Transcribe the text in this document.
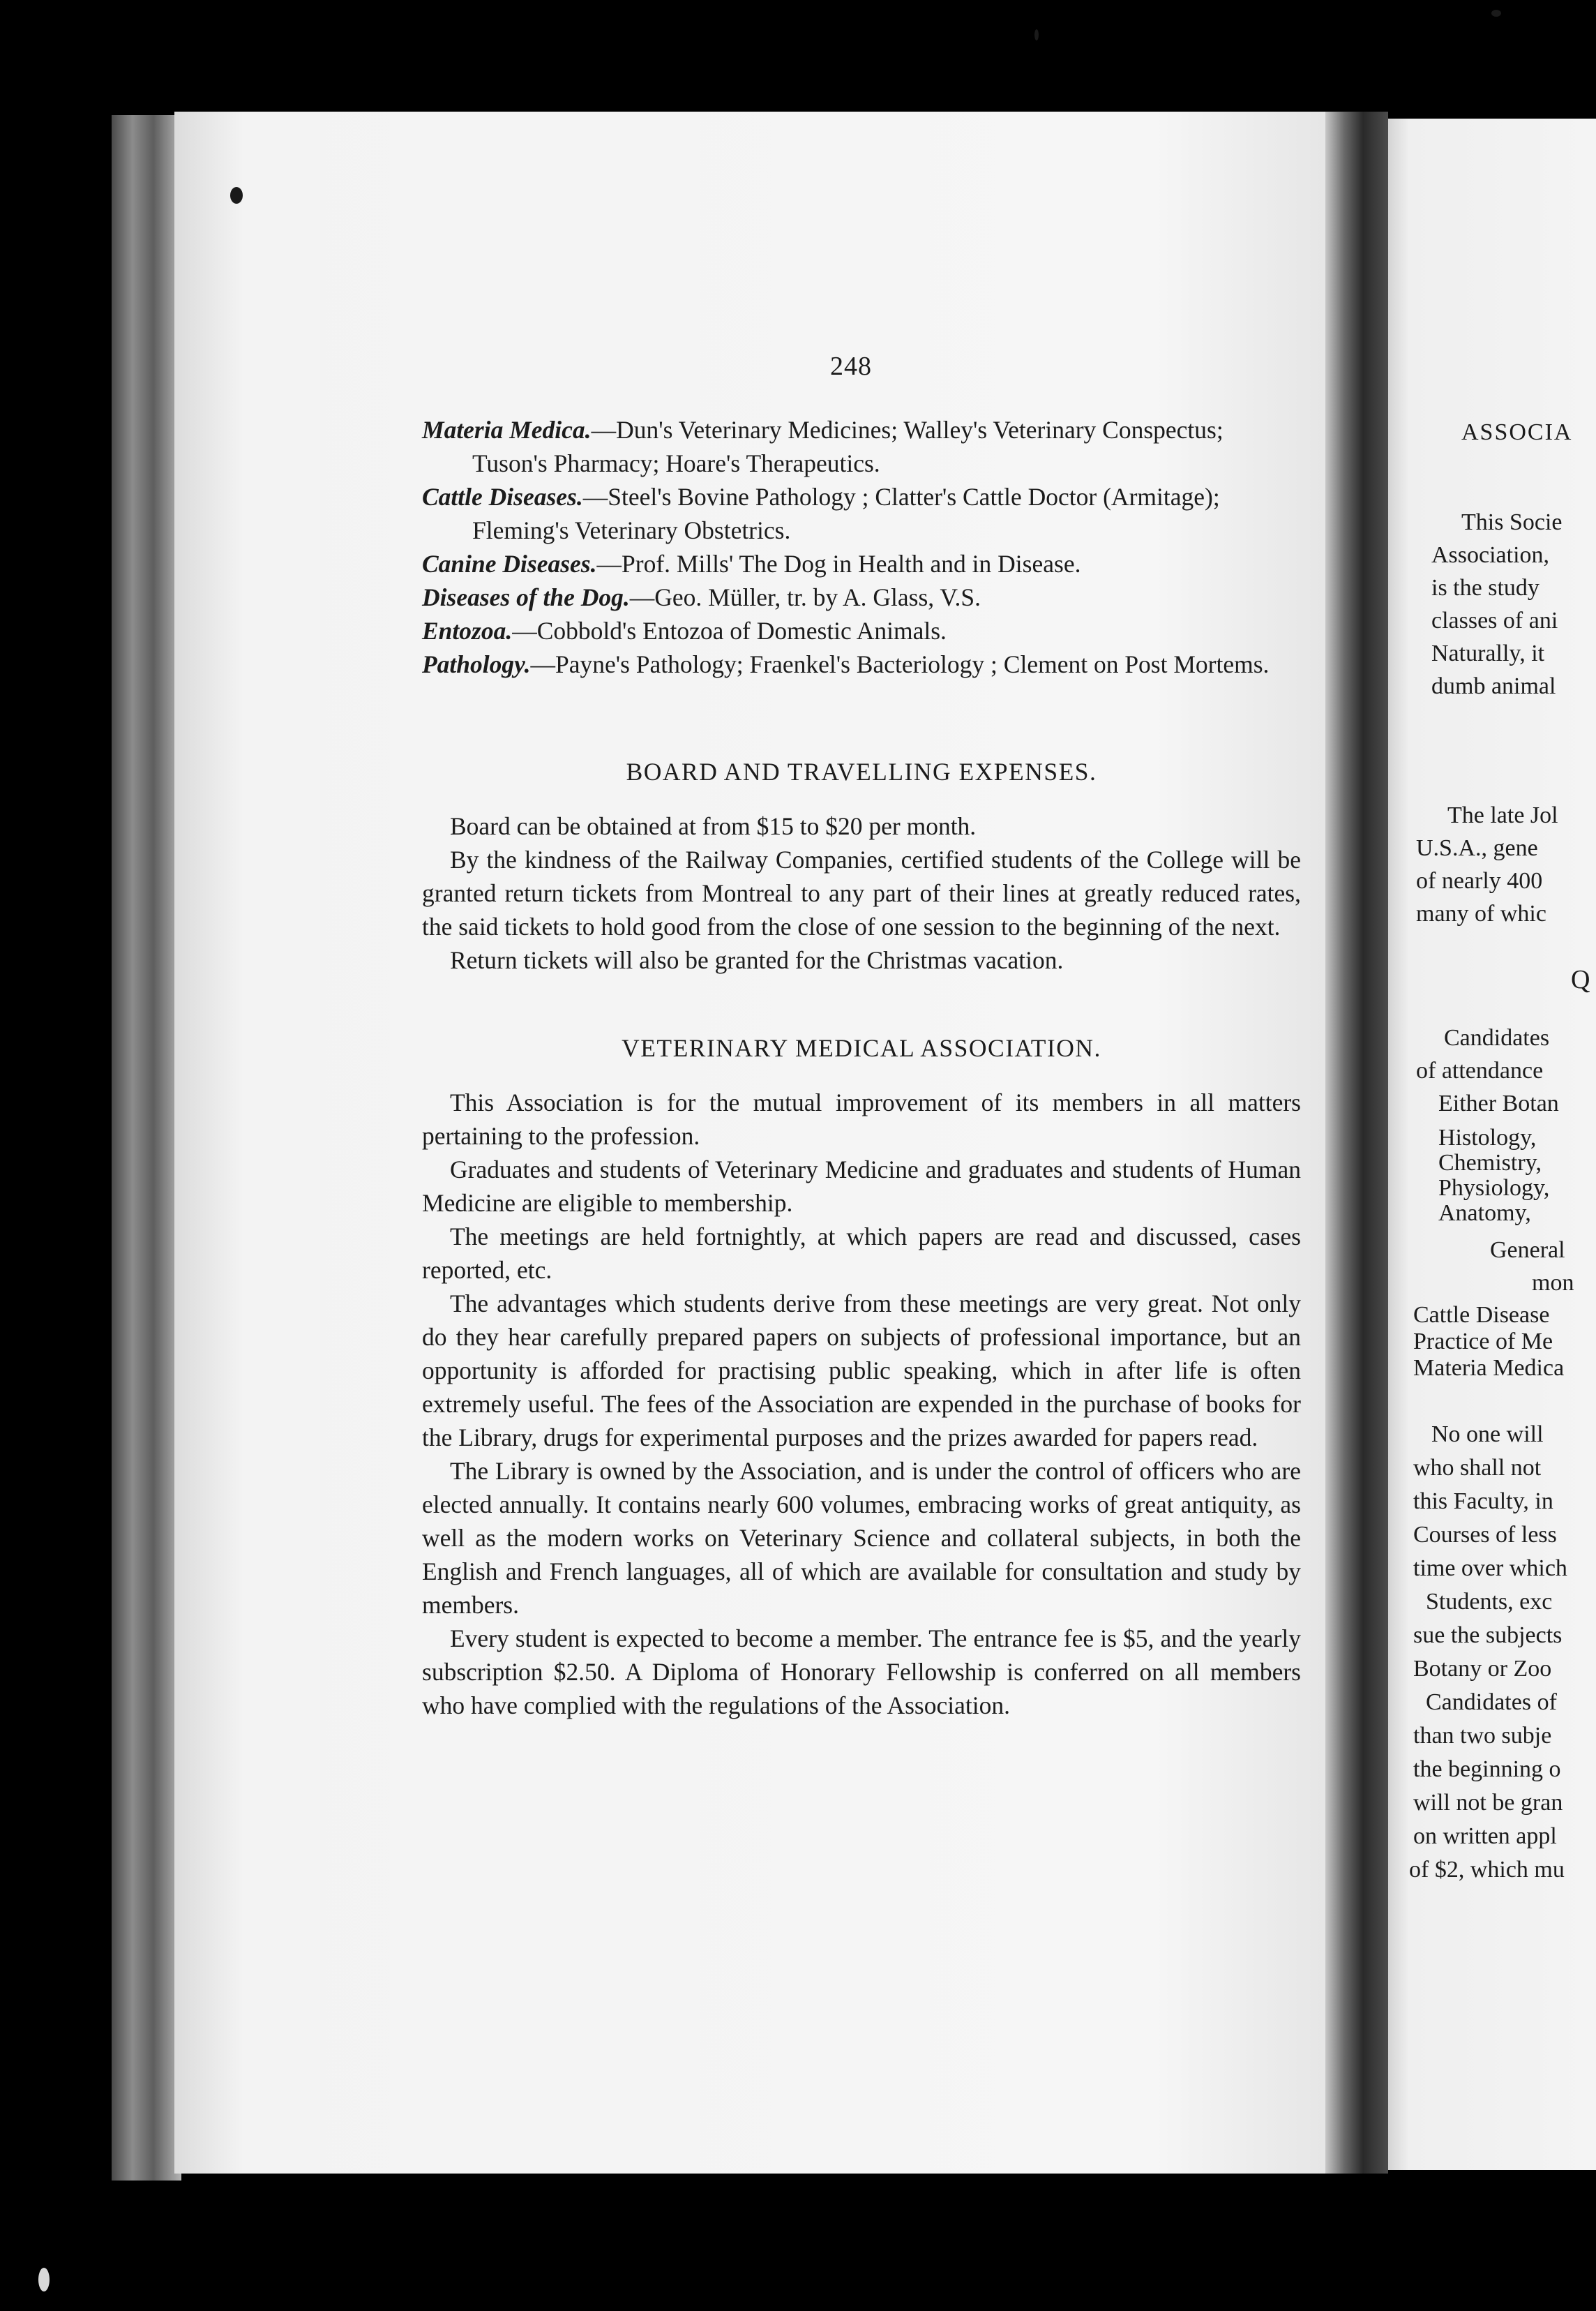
248

Materia Medica.—Dun's Veterinary Medicines; Walley's Veterinary Conspectus; Tuson's Pharmacy; Hoare's Therapeutics.

Cattle Diseases.—Steel's Bovine Pathology ; Clatter's Cattle Doctor (Armitage); Fleming's Veterinary Obstetrics.

Canine Diseases.—Prof. Mills' The Dog in Health and in Disease.

Diseases of the Dog.—Geo. Müller, tr. by A. Glass, V.S.

Entozoa.—Cobbold's Entozoa of Domestic Animals.

Pathology.—Payne's Pathology; Fraenkel's Bacteriology ; Clement on Post Mortems.

BOARD AND TRAVELLING EXPENSES.

Board can be obtained at from $15 to $20 per month.

By the kindness of the Railway Companies, certified students of the College will be granted return tickets from Montreal to any part of their lines at greatly reduced rates, the said tickets to hold good from the close of one session to the beginning of the next.

Return tickets will also be granted for the Christmas vacation.

VETERINARY MEDICAL ASSOCIATION.

This Association is for the mutual improvement of its members in all matters pertaining to the profession.

Graduates and students of Veterinary Medicine and graduates and students of Human Medicine are eligible to membership.

The meetings are held fortnightly, at which papers are read and discussed, cases reported, etc.

The advantages which students derive from these meetings are very great. Not only do they hear carefully prepared papers on subjects of professional importance, but an opportunity is afforded for practising public speaking, which in after life is often extremely useful. The fees of the Association are expended in the purchase of books for the Library, drugs for experimental purposes and the prizes awarded for papers read.

The Library is owned by the Association, and is under the control of officers who are elected annually. It contains nearly 600 volumes, embracing works of great antiquity, as well as the modern works on Veterinary Science and collateral subjects, in both the English and French languages, all of which are available for consultation and study by members.

Every student is expected to become a member. The entrance fee is $5, and the yearly subscription $2.50. A Diploma of Honorary Fellowship is conferred on all members who have complied with the regulations of the Association.

ASSOCIA
This Socie
Association,
is the study
classes of ani
Naturally, it
dumb animal
The late Jol
U.S.A., gene
of nearly 400
many of whic
Q
Candidates
of attendance
Either Botan
Histology,
Chemistry,
Physiology,
Anatomy,
General
mon
Cattle Disease
Practice of Me
Materia Medica
No one will
who shall not
this Faculty, in
Courses of less
time over which
Students, exc
sue the subjects
Botany or Zoo
Candidates of
than two subje
the beginning o
will not be gran
on written appl
of $2, which mu
